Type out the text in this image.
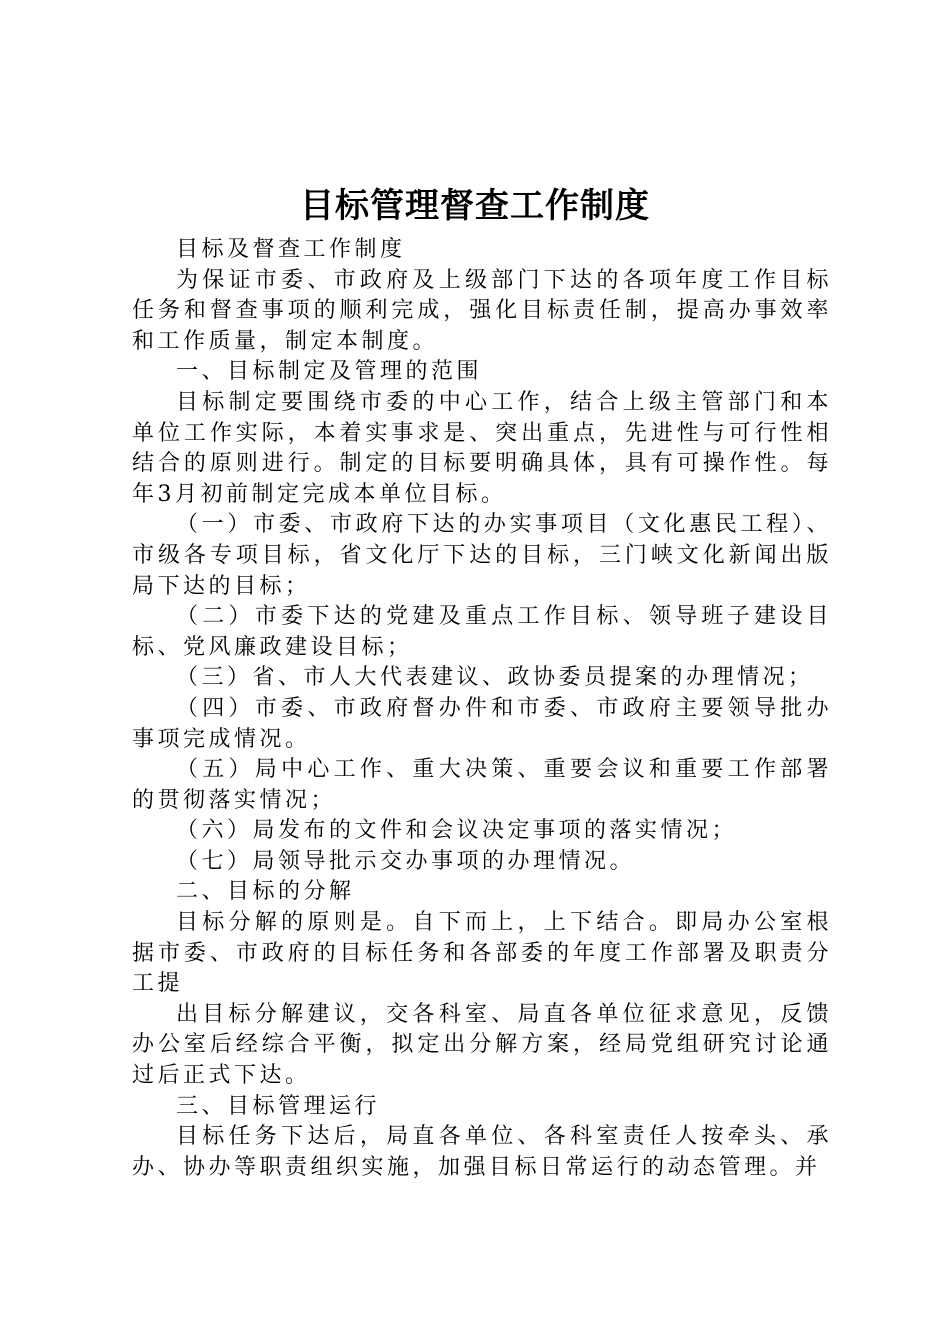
目标管理督查工作制度

目标及督查工作制度

为保证市委、市政府及上级部门下达的各项年度工作目标任务和督查事项的顺利完成，强化目标责任制，提高办事效率和工作质量，制定本制度。

一、目标制定及管理的范围

目标制定要围绕市委的中心工作，结合上级主管部门和本单位工作实际，本着实事求是、突出重点，先进性与可行性相结合的原则进行。制定的目标要明确具体，具有可操作性。每年3月初前制定完成本单位目标。

（一）市委、市政府下达的办实事项目（文化惠民工程）、市级各专项目标，省文化厅下达的目标，三门峡文化新闻出版局下达的目标；

（二）市委下达的党建及重点工作目标、领导班子建设目标、党风廉政建设目标；

（三）省、市人大代表建议、政协委员提案的办理情况；

（四）市委、市政府督办件和市委、市政府主要领导批办事项完成情况。

（五）局中心工作、重大决策、重要会议和重要工作部署的贯彻落实情况；

（六）局发布的文件和会议决定事项的落实情况；

（七）局领导批示交办事项的办理情况。

二、目标的分解

目标分解的原则是。自下而上，上下结合。即局办公室根据市委、市政府的目标任务和各部委的年度工作部署及职责分工提

出目标分解建议，交各科室、局直各单位征求意见，反馈办公室后经综合平衡，拟定出分解方案，经局党组研究讨论通过后正式下达。

三、目标管理运行

目标任务下达后，局直各单位、各科室责任人按牵头、承办、协办等职责组织实施，加强目标日常运行的动态管理。并
